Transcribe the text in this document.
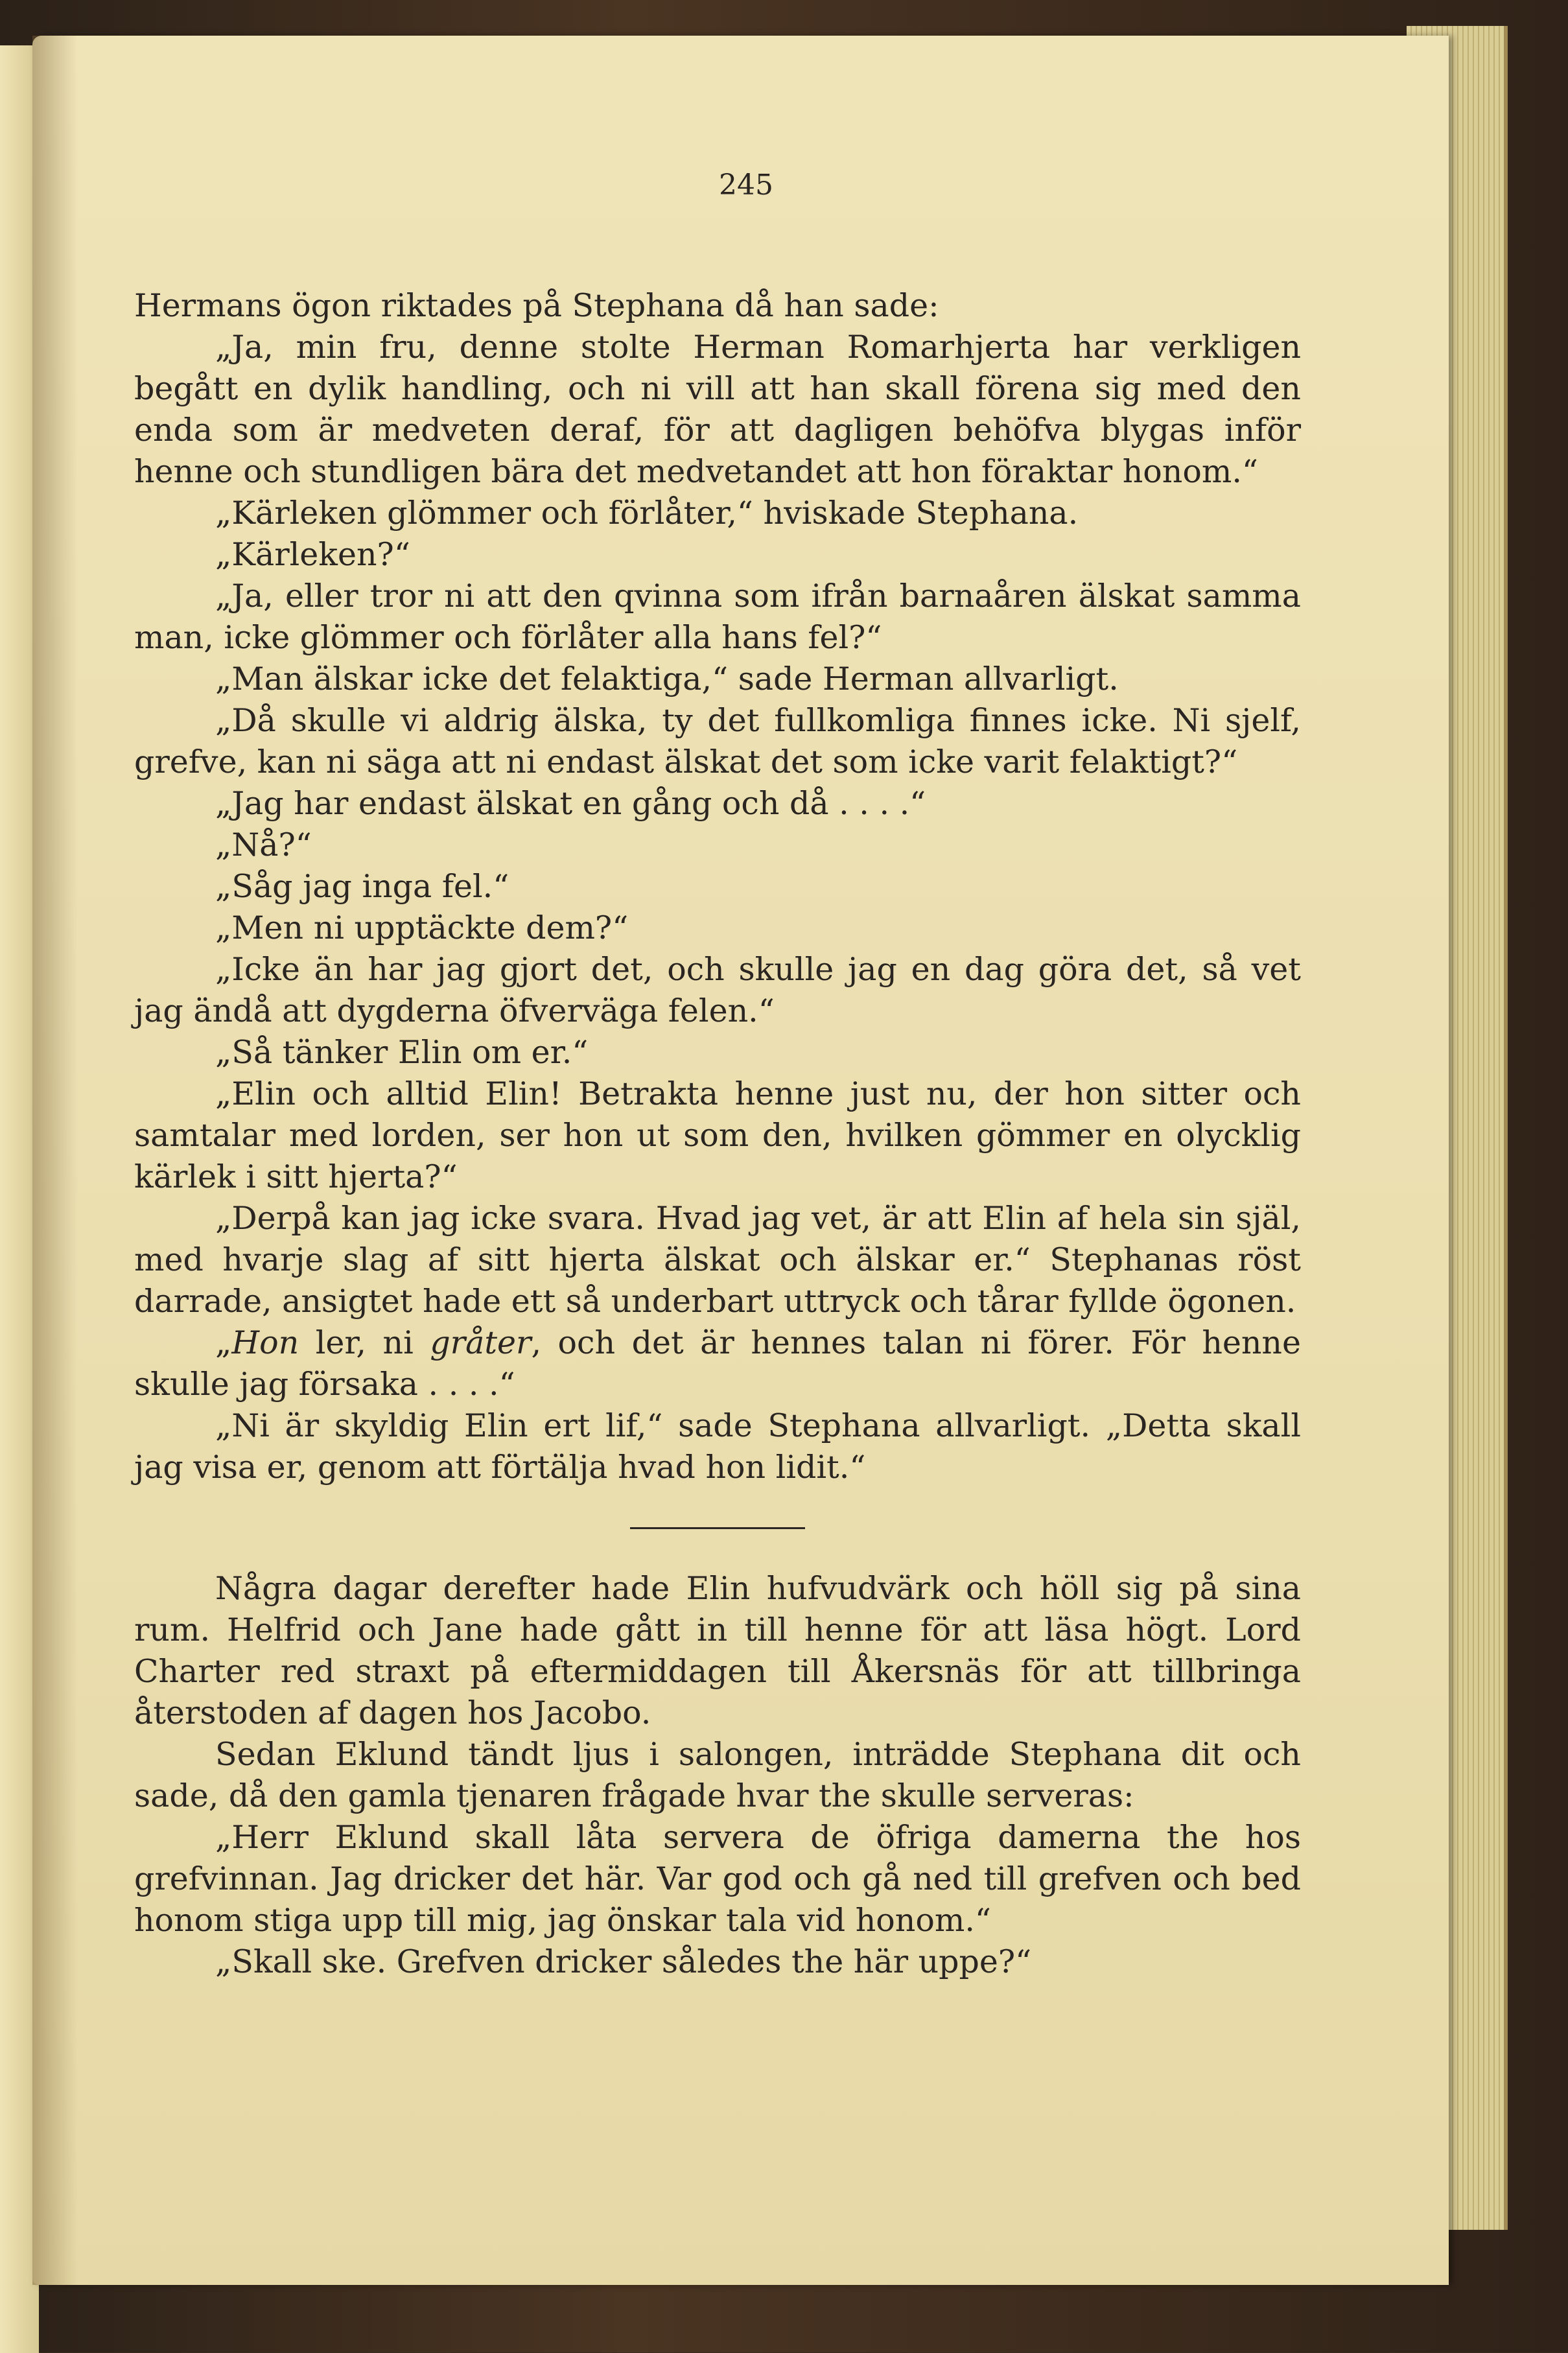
245

Hermans ögon riktades på Stephana då han sade:

„Ja, min fru, denne stolte Herman Romarhjerta har verkligen begått en dylik handling, och ni vill att han skall förena sig med den enda som är medveten deraf, för att dagligen behöfva blygas inför henne och stundligen bära det medvetandet att hon föraktar honom.“

„Kärleken glömmer och förlåter,“ hviskade Stephana.

„Kärleken?“

„Ja, eller tror ni att den qvinna som ifrån barnaåren älskat samma man, icke glömmer och förlåter alla hans fel?“

„Man älskar icke det felaktiga,“ sade Herman allvarligt.

„Då skulle vi aldrig älska, ty det fullkomliga finnes icke. Ni sjelf, grefve, kan ni säga att ni endast älskat det som icke varit felaktigt?“

„Jag har endast älskat en gång och då . . . .“

„Nå?“

„Såg jag inga fel.“

„Men ni upptäckte dem?“

„Icke än har jag gjort det, och skulle jag en dag göra det, så vet jag ändå att dygderna öfverväga felen.“

„Så tänker Elin om er.“

„Elin och alltid Elin! Betrakta henne just nu, der hon sitter och samtalar med lorden, ser hon ut som den, hvilken gömmer en olycklig kärlek i sitt hjerta?“

„Derpå kan jag icke svara. Hvad jag vet, är att Elin af hela sin själ, med hvarje slag af sitt hjerta älskat och älskar er.“ Stephanas röst darrade, ansigtet hade ett så underbart uttryck och tårar fyllde ögonen.

„Hon ler, ni gråter, och det är hennes talan ni förer. För henne skulle jag försaka . . . .“

„Ni är skyldig Elin ert lif,“ sade Stephana allvarligt. „Detta skall jag visa er, genom att förtälja hvad hon lidit.“

Några dagar derefter hade Elin hufvudvärk och höll sig på sina rum. Helfrid och Jane hade gått in till henne för att läsa högt. Lord Charter red straxt på eftermiddagen till Åkersnäs för att tillbringa återstoden af dagen hos Jacobo.

Sedan Eklund tändt ljus i salongen, inträdde Stephana dit och sade, då den gamla tjenaren frågade hvar the skulle serveras:

„Herr Eklund skall låta servera de öfriga damerna the hos grefvinnan. Jag dricker det här. Var god och gå ned till grefven och bed honom stiga upp till mig, jag önskar tala vid honom.“

„Skall ske. Grefven dricker således the här uppe?“
